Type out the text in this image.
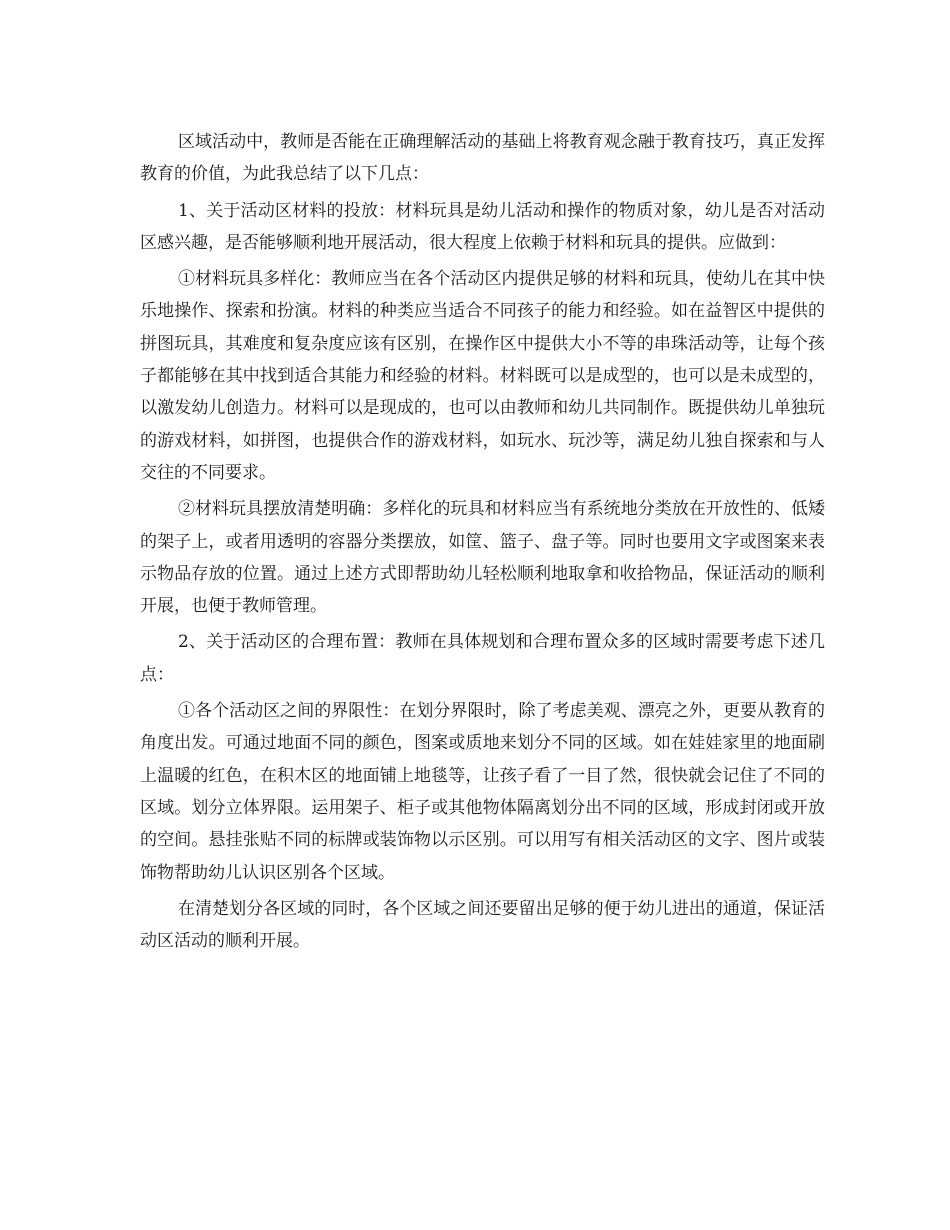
区域活动中，教师是否能在正确理解活动的基础上将教育观念融于教育技巧，真正发挥教育的价值，为此我总结了以下几点：

1、关于活动区材料的投放：材料玩具是幼儿活动和操作的物质对象，幼儿是否对活动区感兴趣，是否能够顺利地开展活动，很大程度上依赖于材料和玩具的提供。应做到：

①材料玩具多样化：教师应当在各个活动区内提供足够的材料和玩具，使幼儿在其中快乐地操作、探索和扮演。材料的种类应当适合不同孩子的能力和经验。如在益智区中提供的拼图玩具，其难度和复杂度应该有区别，在操作区中提供大小不等的串珠活动等，让每个孩子都能够在其中找到适合其能力和经验的材料。材料既可以是成型的，也可以是未成型的，以激发幼儿创造力。材料可以是现成的，也可以由教师和幼儿共同制作。既提供幼儿单独玩的游戏材料，如拼图，也提供合作的游戏材料，如玩水、玩沙等，满足幼儿独自探索和与人交往的不同要求。

②材料玩具摆放清楚明确：多样化的玩具和材料应当有系统地分类放在开放性的、低矮的架子上，或者用透明的容器分类摆放，如筐、篮子、盘子等。同时也要用文字或图案来表示物品存放的位置。通过上述方式即帮助幼儿轻松顺利地取拿和收拾物品，保证活动的顺利开展，也便于教师管理。

2、关于活动区的合理布置：教师在具体规划和合理布置众多的区域时需要考虑下述几点：

①各个活动区之间的界限性：在划分界限时，除了考虑美观、漂亮之外，更要从教育的角度出发。可通过地面不同的颜色，图案或质地来划分不同的区域。如在娃娃家里的地面刷上温暖的红色，在积木区的地面铺上地毯等，让孩子看了一目了然，很快就会记住了不同的区域。划分立体界限。运用架子、柜子或其他物体隔离划分出不同的区域，形成封闭或开放的空间。悬挂张贴不同的标牌或装饰物以示区别。可以用写有相关活动区的文字、图片或装饰物帮助幼儿认识区别各个区域。

在清楚划分各区域的同时，各个区域之间还要留出足够的便于幼儿进出的通道，保证活动区活动的顺利开展。
